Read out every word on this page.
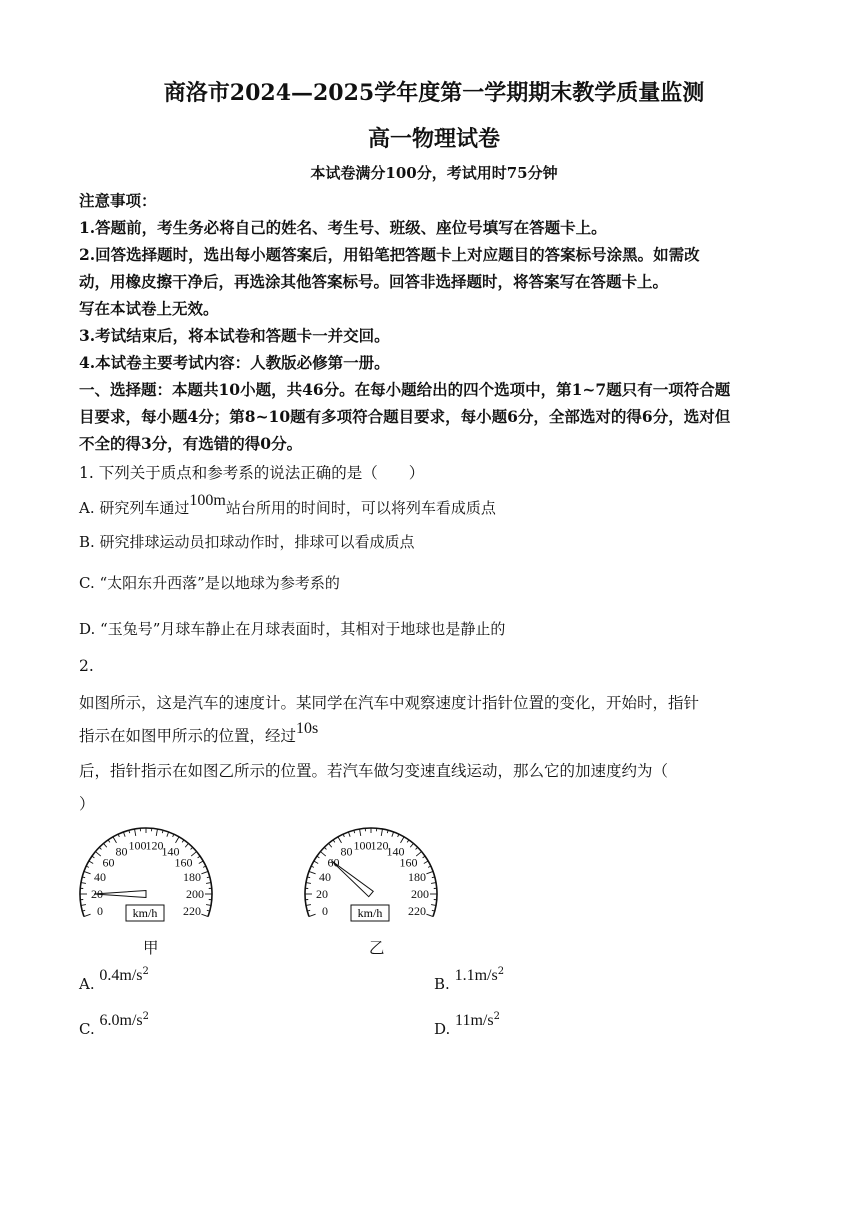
商洛市2024—2025学年度第一学期期末教学质量监测
高一物理试卷
本试卷满分100分，考试用时75分钟
注意事项：
1.答题前，考生务必将自己的姓名、考生号、班级、座位号填写在答题卡上。
2.回答选择题时，选出每小题答案后，用铅笔把答题卡上对应题目的答案标号涂黑。如需改
动，用橡皮擦干净后，再选涂其他答案标号。回答非选择题时，将答案写在答题卡上。
写在本试卷上无效。
3.考试结束后，将本试卷和答题卡一并交回。
4.本试卷主要考试内容：人教版必修第一册。
一、选择题：本题共10小题，共46分。在每小题给出的四个选项中，第1~7题只有一项符合题
目要求，每小题4分；第8~10题有多项符合题目要求，每小题6分，全部选对的得6分，选对但
不全的得3分，有选错的得0分。
1. 下列关于质点和参考系的说法正确的是（　　）
A. 研究列车通过100m站台所用的时间时，可以将列车看成质点
B. 研究排球运动员扣球动作时，排球可以看成质点
C. “太阳东升西落”是以地球为参考系的
D. “玉兔号”月球车静止在月球表面时，其相对于地球也是静止的
2.
如图所示，这是汽车的速度计。某同学在汽车中观察速度计指针位置的变化，开始时，指针
指示在如图甲所示的位置，经过10s
后，指针指示在如图乙所示的位置。若汽车做匀变速直线运动，那么它的加速度约为（
）
0
20
40
60
80 100 120
140
160
180
200
220
km/h
甲
0
20
40
60
80 100 120
140
160
180
200
220
km/h
乙
A. $0.4m/s^2$
B. $1.1m/s^2$
C. $6.0m/s^2$
D. $11m/s^2$
